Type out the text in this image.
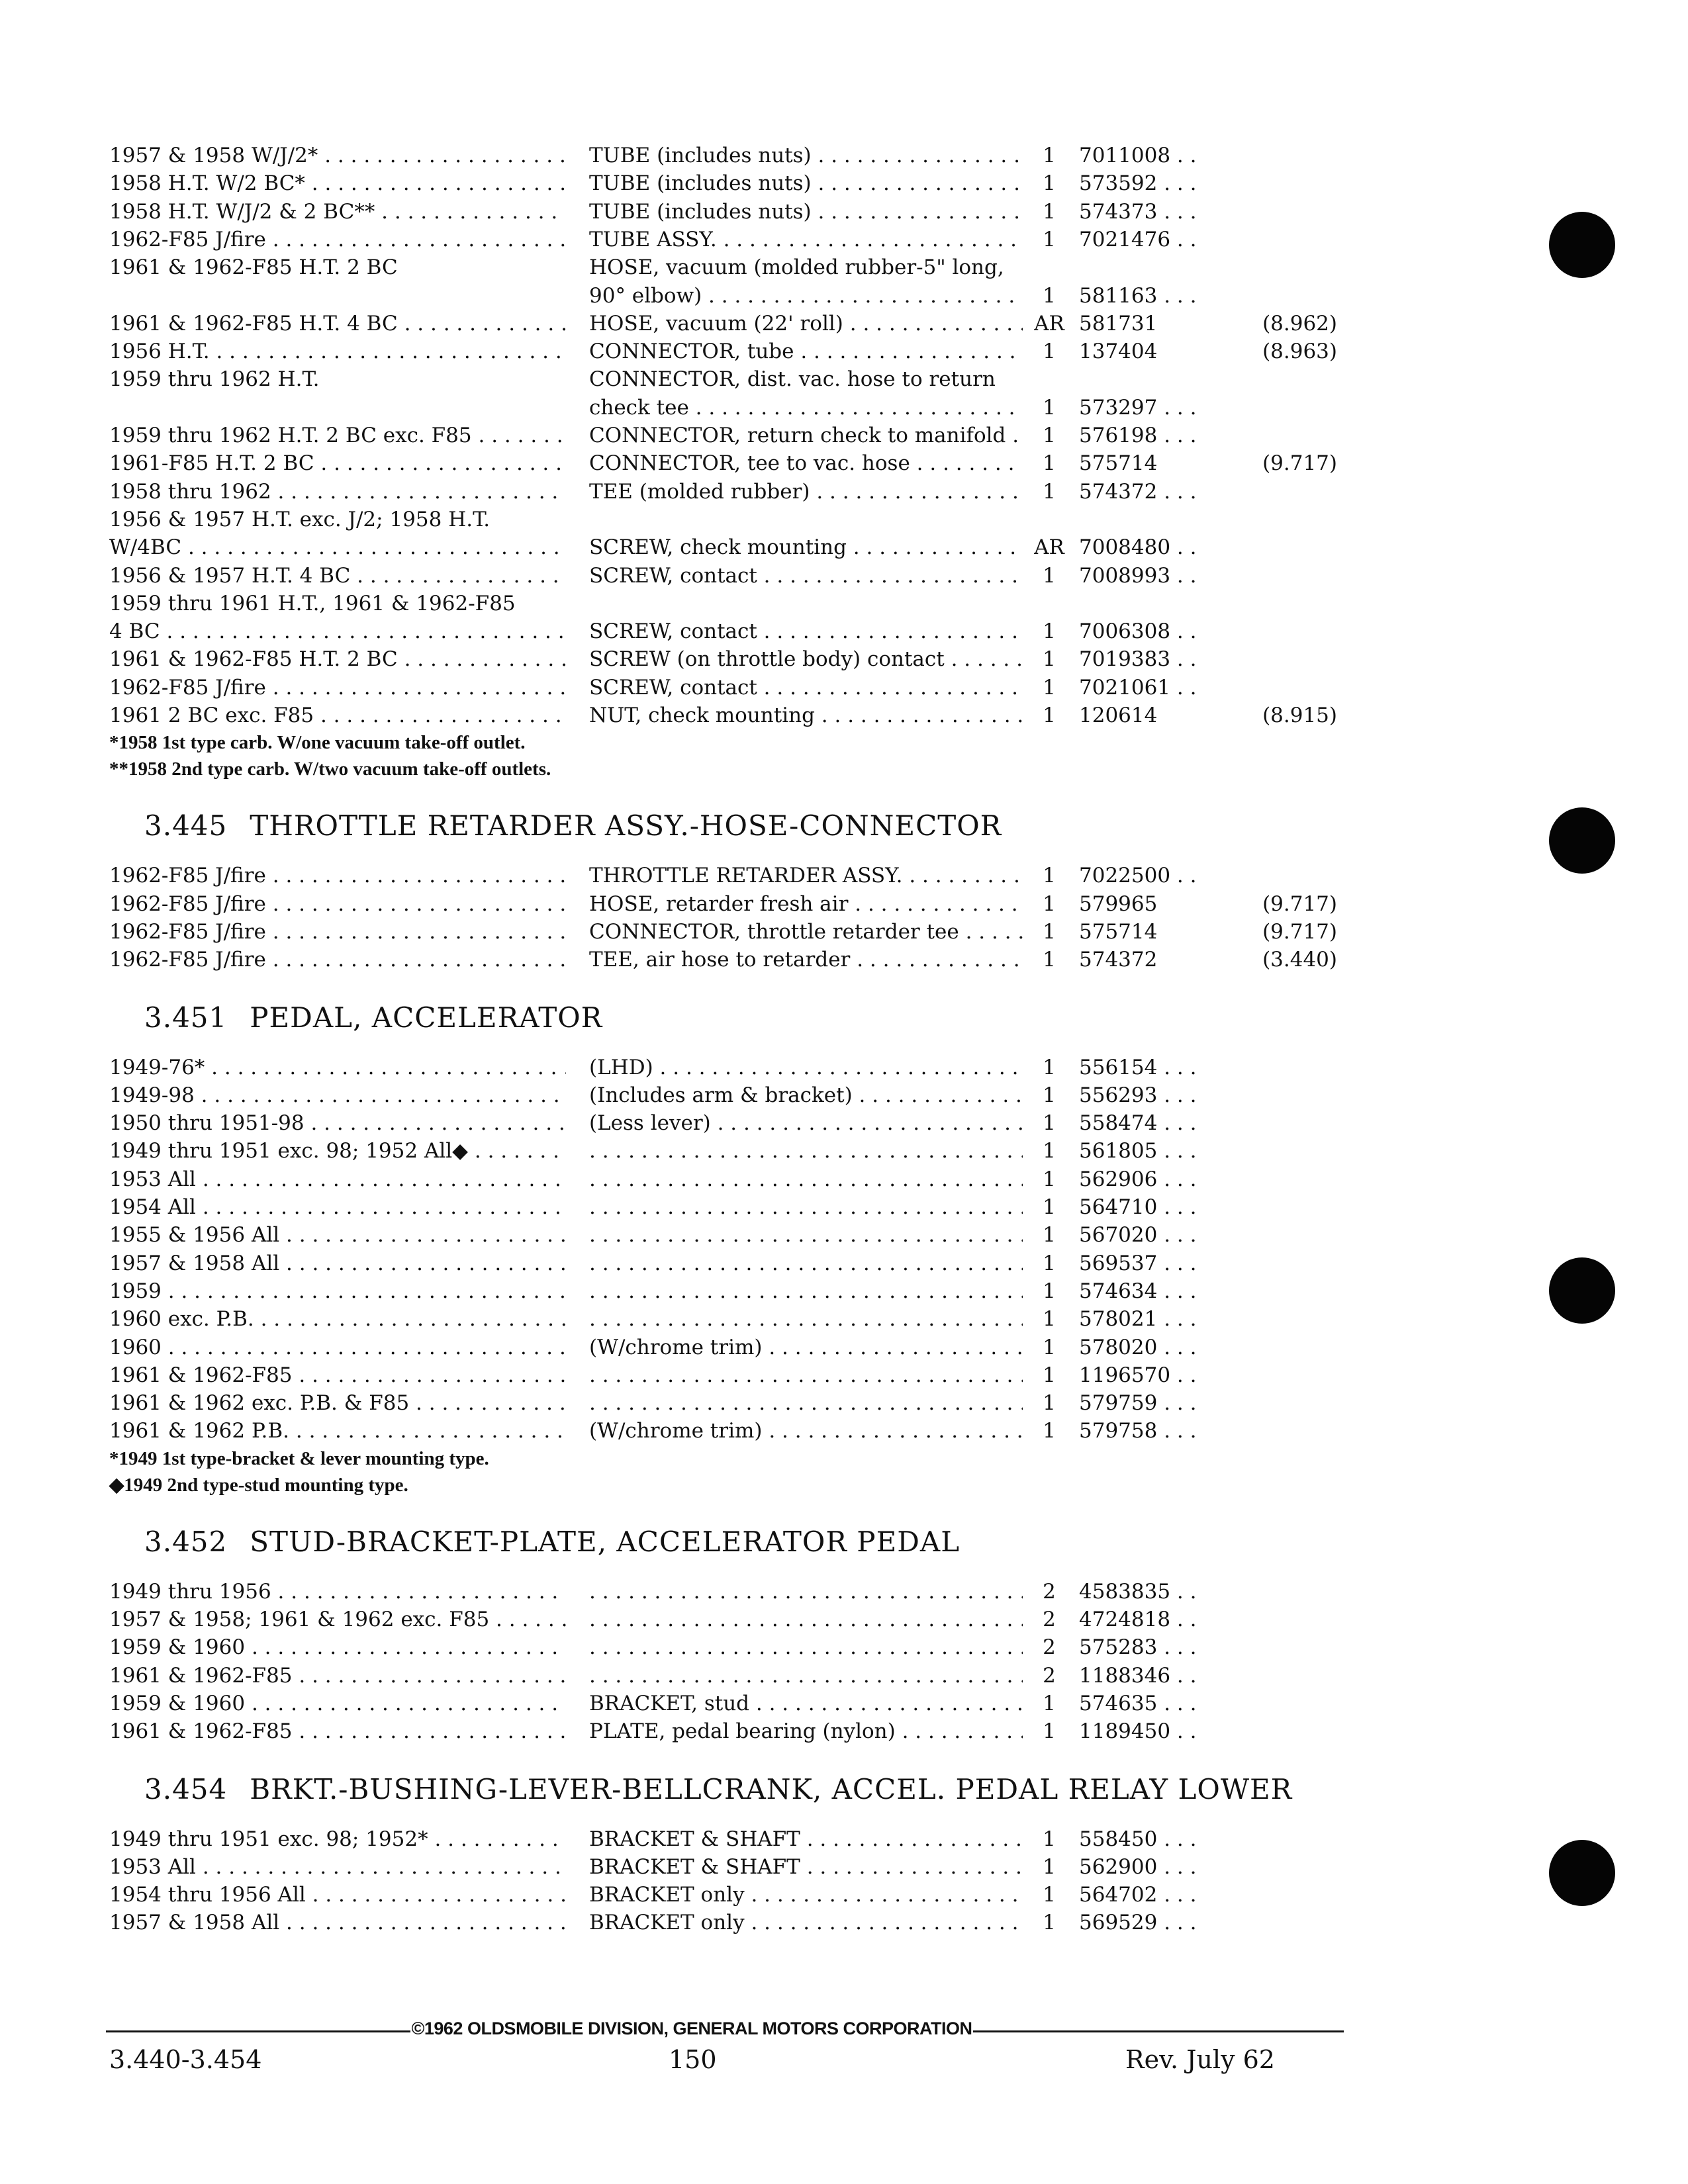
1957 & 1958 W/J/2* . . .	TUBE (includes nuts) . . .	1	7011008 . . .
1958 H.T. W/2 BC* . . .	TUBE (includes nuts) . . .	1	573592 . . .
1958 H.T. W/J/2 & 2 BC** . . .	TUBE (includes nuts) . . .	1	574373 . . .
1962-F85 J/fire . . .	TUBE ASSY. . . .	1	7021476 . . .
1961 & 1962-F85 H.T. 2 BC	HOSE, vacuum (molded rubber-5" long,
90° elbow) . . .	1	581163 . . .
1961 & 1962-F85 H.T. 4 BC . . .	HOSE, vacuum (22' roll) . . .	AR 581731	(8.962)
1956 H.T. . . .	CONNECTOR, tube . . .	1	137404	(8.963)
1959 thru 1962 H.T.	CONNECTOR, dist. vac. hose to return
check tee . . .	1	573297 . . .
1959 thru 1962 H.T. 2 BC exc. F85 . . .	CONNECTOR, return check to manifold . . .	1	576198 . . .
1961-F85 H.T. 2 BC . . .	CONNECTOR, tee to vac. hose . . .	1	575714	(9.717)
1958 thru 1962 . . .	TEE (molded rubber) . . .	1	574372 . . .
1956 & 1957 H.T. exc. J/2; 1958 H.T.
W/4BC . . .	SCREW, check mounting . . .	AR 7008480 . . .
1956 & 1957 H.T. 4 BC . . .	SCREW, contact . . .	1	7008993 . . .
1959 thru 1961 H.T., 1961 & 1962-F85
4 BC . . .	SCREW, contact . . .	1	7006308 . . .
1961 & 1962-F85 H.T. 2 BC . . .	SCREW (on throttle body) contact . . .	1	7019383 . . .
1962-F85 J/fire . . .	SCREW, contact . . .	1	7021061 . . .
1961 2 BC exc. F85 . . .	NUT, check mounting . . .	1	120614	(8.915)
*1958 1st type carb. W/one vacuum take-off outlet.
**1958 2nd type carb. W/two vacuum take-off outlets.
3.445 THROTTLE RETARDER ASSY.-HOSE-CONNECTOR
1962-F85 J/fire . . .	THROTTLE RETARDER ASSY. . . .	1	7022500 . . .
1962-F85 J/fire . . .	HOSE, retarder fresh air . . .	1	579965	(9.717)
1962-F85 J/fire . . .	CONNECTOR, throttle retarder tee . . .	1	575714	(9.717)
1962-F85 J/fire . . .	TEE, air hose to retarder . . .	1	574372	(3.440)
3.451 PEDAL, ACCELERATOR
1949-76* . . .	(LHD) . . .	1	556154 . . .
1949-98 . . .	(Includes arm & bracket) . . .	1	556293 . . .
1950 thru 1951-98 . . .	(Less lever) . . .	1	558474 . . .
1949 thru 1951 exc. 98; 1952 All◆ . . . . . .	1	561805 . . .
1953 All . . . . . .	1	562906 . . .
1954 All . . . . . .	1	564710 . . .
1955 & 1956 All . . . . . .	1	567020 . . .
1957 & 1958 All . . . . . .	1	569537 . . .
1959 . . . . . .	1	574634 . . .
1960 exc. P.B. . . . . . .	1	578021 . . .
1960 . . .	(W/chrome trim) . . .	1	578020 . . .
1961 & 1962-F85 . . . . . .	1	1196570 . . .
1961 & 1962 exc. P.B. & F85 . . . . . .	1	579759 . . .
1961 & 1962 P.B. . . .	(W/chrome trim) . . .	1	579758 . . .
*1949 1st type-bracket & lever mounting type.
◆1949 2nd type-stud mounting type.
3.452 STUD-BRACKET-PLATE, ACCELERATOR PEDAL
1949 thru 1956 . . . . . .	2	4583835 . . .
1957 & 1958; 1961 & 1962 exc. F85 . . . . . .	2	4724818 . . .
1959 & 1960 . . . . . .	2	575283 . . .
1961 & 1962-F85 . . . . . .	2	1188346 . . .
1959 & 1960 . . .	BRACKET, stud . . .	1	574635 . . .
1961 & 1962-F85 . . .	PLATE, pedal bearing (nylon) . . .	1	1189450 . . .
3.454 BRKT.-BUSHING-LEVER-BELLCRANK, ACCEL. PEDAL RELAY LOWER
1949 thru 1951 exc. 98; 1952* . . .	BRACKET & SHAFT . . .	1	558450 . . .
1953 All . . .	BRACKET & SHAFT . . .	1	562900 . . .
1954 thru 1956 All . . .	BRACKET only . . .	1	564702 . . .
1957 & 1958 All . . .	BRACKET only . . .	1	569529 . . .
©1962 OLDSMOBILE DIVISION, GENERAL MOTORS CORPORATION
3.440-3.454	150	Rev. July 62
